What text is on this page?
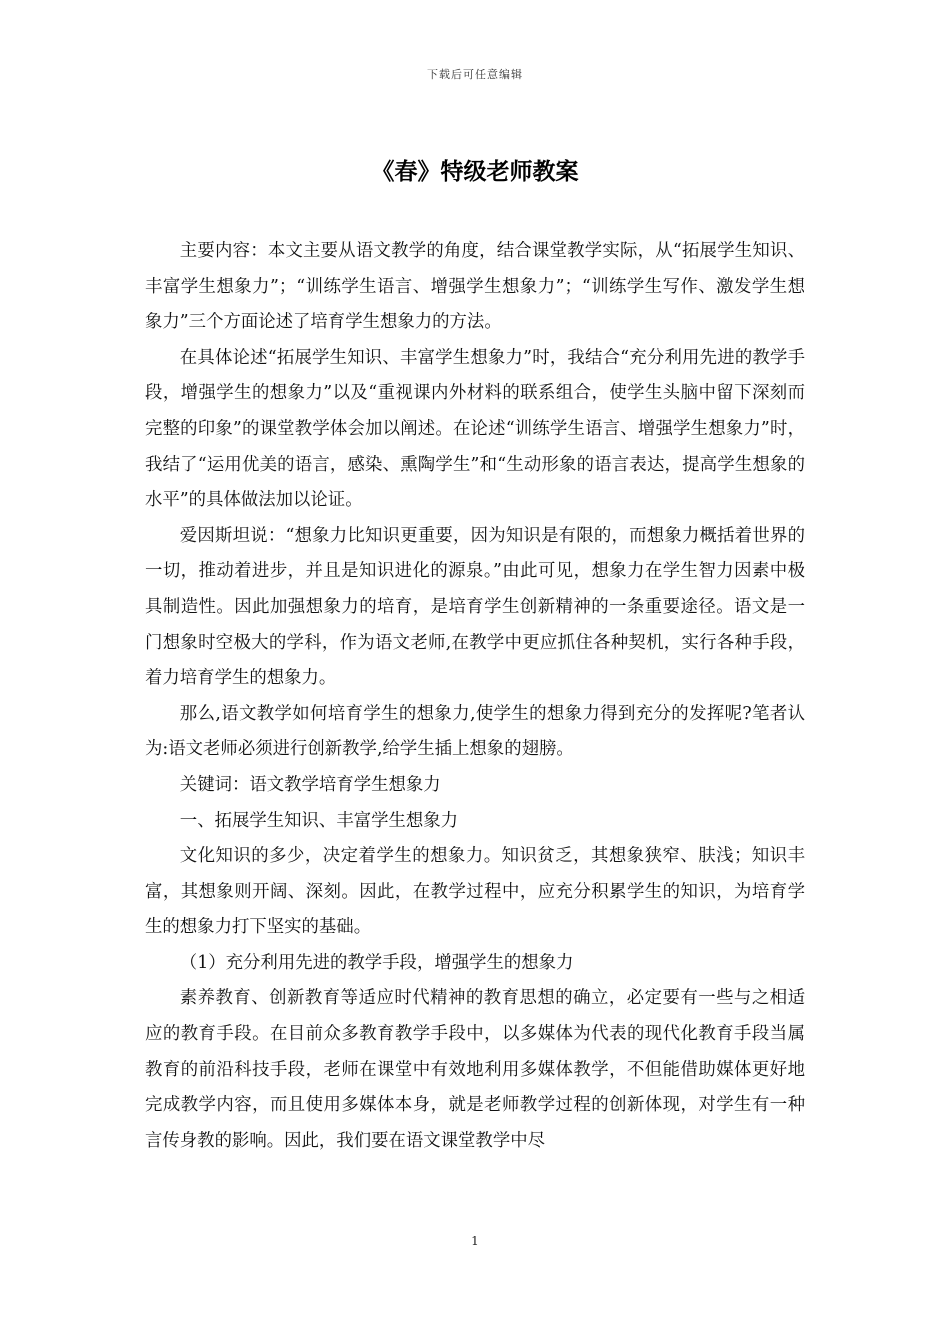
下载后可任意编辑
《春》特级老师教案

主要内容：本文主要从语文教学的角度，结合课堂教学实际，从“拓展学生知识、丰富学生想象力”；“训练学生语言、增强学生想象力”；“训练学生写作、激发学生想象力”三个方面论述了培育学生想象力的方法。

在具体论述“拓展学生知识、丰富学生想象力”时，我结合“充分利用先进的教学手段，增强学生的想象力”以及“重视课内外材料的联系组合，使学生头脑中留下深刻而完整的印象”的课堂教学体会加以阐述。在论述“训练学生语言、增强学生想象力”时，我结了“运用优美的语言，感染、熏陶学生”和“生动形象的语言表达，提高学生想象的水平”的具体做法加以论证。

爱因斯坦说：“想象力比知识更重要，因为知识是有限的，而想象力概括着世界的一切，推动着进步，并且是知识进化的源泉。”由此可见，想象力在学生智力因素中极具制造性。因此加强想象力的培育，是培育学生创新精神的一条重要途径。语文是一门想象时空极大的学科，作为语文老师,在教学中更应抓住各种契机，实行各种手段，着力培育学生的想象力。

那么,语文教学如何培育学生的想象力,使学生的想象力得到充分的发挥呢?笔者认为:语文老师必须进行创新教学,给学生插上想象的翅膀。

关键词：语文教学培育学生想象力

一、拓展学生知识、丰富学生想象力

文化知识的多少，决定着学生的想象力。知识贫乏，其想象狭窄、肤浅；知识丰富，其想象则开阔、深刻。因此，在教学过程中，应充分积累学生的知识，为培育学生的想象力打下坚实的基础。

（1）充分利用先进的教学手段，增强学生的想象力

素养教育、创新教育等适应时代精神的教育思想的确立，必定要有一些与之相适应的教育手段。在目前众多教育教学手段中，以多媒体为代表的现代化教育手段当属教育的前沿科技手段，老师在课堂中有效地利用多媒体教学，不但能借助媒体更好地完成教学内容，而且使用多媒体本身，就是老师教学过程的创新体现，对学生有一种言传身教的影响。因此，我们要在语文课堂教学中尽

1
